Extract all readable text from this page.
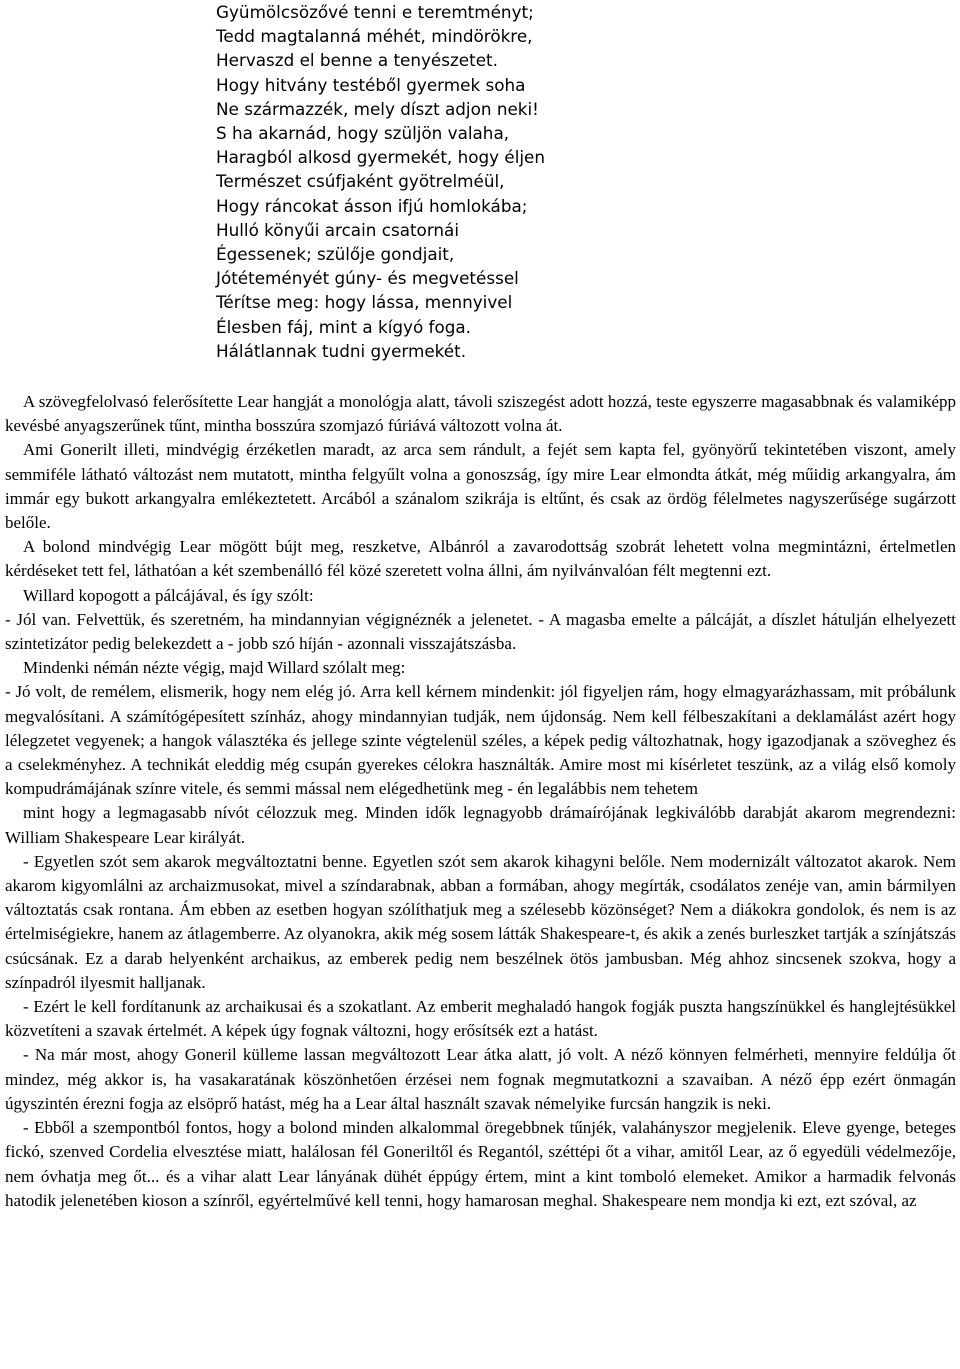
Gyümölcsözővé tenni e teremtményt;
Tedd magtalanná méhét, mindörökre,
Hervaszd el benne a tenyészetet.
Hogy hitvány testéből gyermek soha
Ne származzék, mely díszt adjon neki!
S ha akarnád, hogy szüljön valaha,
Haragból alkosd gyermekét, hogy éljen
Természet csúfjaként gyötrelméül,
Hogy ráncokat ásson ifjú homlokába;
Hulló könyűi arcain csatornái
Égessenek; szülője gondjait,
Jótéteményét gúny- és megvetéssel
Térítse meg: hogy lássa, mennyivel
Élesben fáj, mint a kígyó foga.
Hálátlannak tudni gyermekét.

A szövegfelolvasó felerősítette Lear hangját a monológja alatt, távoli sziszegést adott hozzá, teste egyszerre magasabbnak és valamiképp kevésbé anyagszerűnek tűnt, mintha bosszúra szomjazó fúriává változott volna át.

Ami Gonerilt illeti, mindvégig érzéketlen maradt, az arca sem rándult, a fejét sem kapta fel, gyönyörű tekintetében viszont, amely semmiféle látható változást nem mutatott, mintha felgyűlt volna a gonoszság, így mire Lear elmondta átkát, még műidig arkangyalra, ám immár egy bukott arkangyalra emlékeztetett. Arcából a szánalom szikrája is eltűnt, és csak az ördög félelmetes nagyszerűsége sugárzott belőle.

A bolond mindvégig Lear mögött bújt meg, reszketve, Albánról a zavarodottság szobrát lehetett volna megmintázni, értelmetlen kérdéseket tett fel, láthatóan a két szembenálló fél közé szeretett volna állni, ám nyilvánvalóan félt megtenni ezt.

Willard kopogott a pálcájával, és így szólt:

- Jól van. Felvettük, és szeretném, ha mindannyian végignéznék a jelenetet. - A magasba emelte a pálcáját, a díszlet hátulján elhelyezett szintetizátor pedig belekezdett a - jobb szó híján - azonnali visszajátszásba.

Mindenki némán nézte végig, majd Willard szólalt meg:

- Jó volt, de remélem, elismerik, hogy nem elég jó. Arra kell kérnem mindenkit: jól figyeljen rám, hogy elmagyarázhassam, mit próbálunk megvalósítani. A számítógépesített színház, ahogy mindannyian tudják, nem újdonság. Nem kell félbeszakítani a deklamálást azért hogy lélegzetet vegyenek; a hangok választéka és jellege szinte végtelenül széles, a képek pedig változhatnak, hogy igazodjanak a szöveghez és a cselekményhez. A technikát eleddig még csupán gyerekes célokra használták. Amire most mi kísérletet teszünk, az a világ első komoly kompudrámájának színre vitele, és semmi mással nem elégedhetünk meg - én legalábbis nem tehetem

mint hogy a legmagasabb nívót célozzuk meg. Minden idők legnagyobb drámaírójának legkiválóbb darabját akarom megrendezni: William Shakespeare Lear királyát.

- Egyetlen szót sem akarok megváltoztatni benne. Egyetlen szót sem akarok kihagyni belőle. Nem modernizált változatot akarok. Nem akarom kigyomlálni az archaizmusokat, mivel a színdarabnak, abban a formában, ahogy megírták, csodálatos zenéje van, amin bármilyen változtatás csak rontana. Ám ebben az esetben hogyan szólíthatjuk meg a szélesebb közönséget? Nem a diákokra gondolok, és nem is az értelmiségiekre, hanem az átlagemberre. Az olyanokra, akik még sosem látták Shakespeare-t, és akik a zenés burleszket tartják a színjátszás csúcsának. Ez a darab helyenként archaikus, az emberek pedig nem beszélnek ötös jambusban. Még ahhoz sincsenek szokva, hogy a színpadról ilyesmit halljanak.

- Ezért le kell fordítanunk az archaikusai és a szokatlant. Az emberit meghaladó hangok fogják puszta hangszínükkel és hanglejtésükkel közvetíteni a szavak értelmét. A képek úgy fognak változni, hogy erősítsék ezt a hatást.

- Na már most, ahogy Goneril külleme lassan megváltozott Lear átka alatt, jó volt. A néző könnyen felmérheti, mennyire feldúlja őt mindez, még akkor is, ha vasakaratának köszönhetően érzései nem fognak megmutatkozni a szavaiban. A néző épp ezért önmagán úgyszintén érezni fogja az elsöprő hatást, még ha a Lear által használt szavak némelyike furcsán hangzik is neki.

- Ebből a szempontból fontos, hogy a bolond minden alkalommal öregebbnek tűnjék, valahányszor megjelenik. Eleve gyenge, beteges fickó, szenved Cordelia elvesztése miatt, halálosan fél Goneriltől és Regantól, széttépi őt a vihar, amitől Lear, az ő egyedüli védelmezője, nem óvhatja meg őt... és a vihar alatt Lear lányának dühét éppúgy értem, mint a kint tomboló elemeket. Amikor a harmadik felvonás hatodik jelenetében kioson a színről, egyértelművé kell tenni, hogy hamarosan meghal. Shakespeare nem mondja ki ezt, ezt szóval, az
